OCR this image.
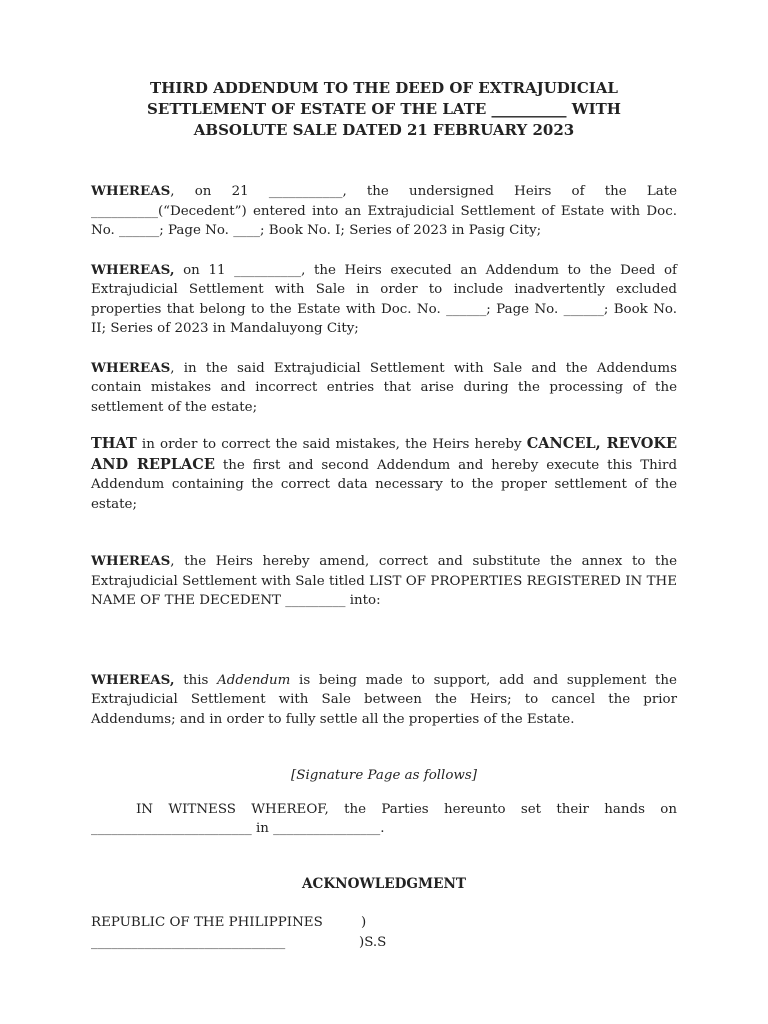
THIRD ADDENDUM TO THE DEED OF EXTRAJUDICIAL
SETTLEMENT OF ESTATE OF THE LATE __________ WITH
ABSOLUTE SALE DATED 21 FEBRUARY 2023

WHEREAS, on 21 ___________, the undersigned Heirs of the Late __________(“Decedent”) entered into an Extrajudicial Settlement of Estate with Doc. No. ______; Page No. ____; Book No. I; Series of 2023 in Pasig City;

WHEREAS, on 11 __________, the Heirs executed an Addendum to the Deed of Extrajudicial Settlement with Sale in order to include inadvertently excluded properties that belong to the Estate with Doc. No. ______; Page No. ______; Book No. II; Series of 2023 in Mandaluyong City;

WHEREAS, in the said Extrajudicial Settlement with Sale and the Addendums contain mistakes and incorrect entries that arise during the processing of the settlement of the estate;

THAT in order to correct the said mistakes, the Heirs hereby CANCEL, REVOKE AND REPLACE the first and second Addendum and hereby execute this Third Addendum containing the correct data necessary to the proper settlement of the estate;

WHEREAS, the Heirs hereby amend, correct and substitute the annex to the Extrajudicial Settlement with Sale titled LIST OF PROPERTIES REGISTERED IN THE NAME OF THE DECEDENT _________ into:

WHEREAS, this Addendum is being made to support, add and supplement the Extrajudicial Settlement with Sale between the Heirs; to cancel the prior Addendums; and in order to fully settle all the properties of the Estate.

[Signature Page as follows]
IN WITNESS WHEREOF, the Parties hereunto set their hands on
________________________ in ________________.
ACKNOWLEDGMENT
REPUBLIC OF THE PHILIPPINES	)
_____________________________	)S.S
